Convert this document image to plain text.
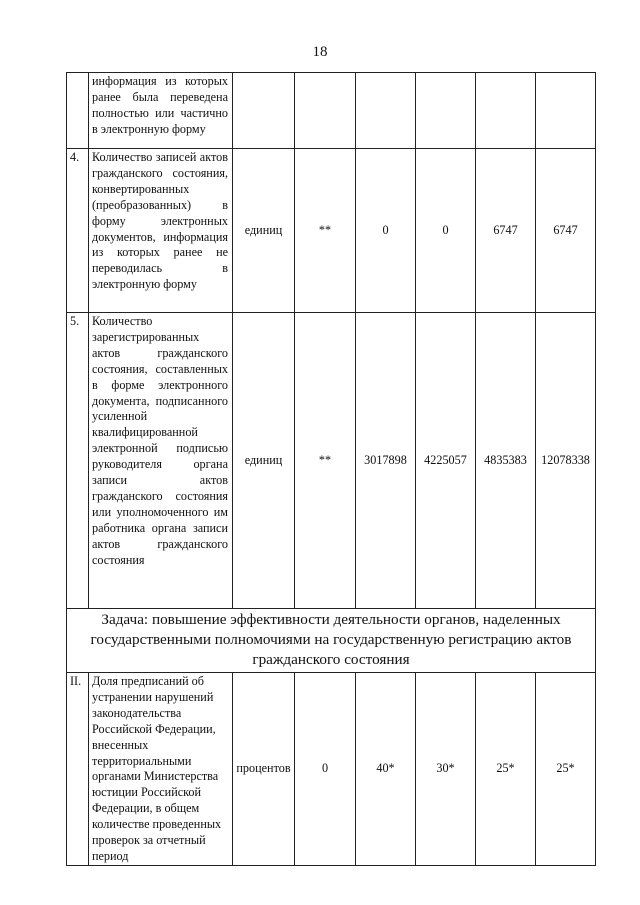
18
	информация из которых ранее была переведена полностью или частично в электронную форму						
4.	Количество записей актов гражданского состояния, конвертированных (преобразованных) в форму электронных документов, информация из которых ранее не переводилась в электронную форму	единиц	**	0	0	6747	6747
5.	Количество зарегистрированных актов гражданского состояния, составленных в форме электронного документа, подписанного усиленной квалифицированной электронной подписью руководителя органа записи актов гражданского состояния или уполномоченного им работника органа записи актов гражданского состояния	единиц	**	3017898	4225057	4835383	12078338
Задача: повышение эффективности деятельности органов, наделенных государственными полномочиями на государственную регистрацию актов гражданского состояния							
II.	Доля предписаний об устранении нарушений законодательства Российской Федерации, внесенных территориальными органами Министерства юстиции Российской Федерации, в общем количестве проведенных проверок за отчетный период	процентов	0	40*	30*	25*	25*
